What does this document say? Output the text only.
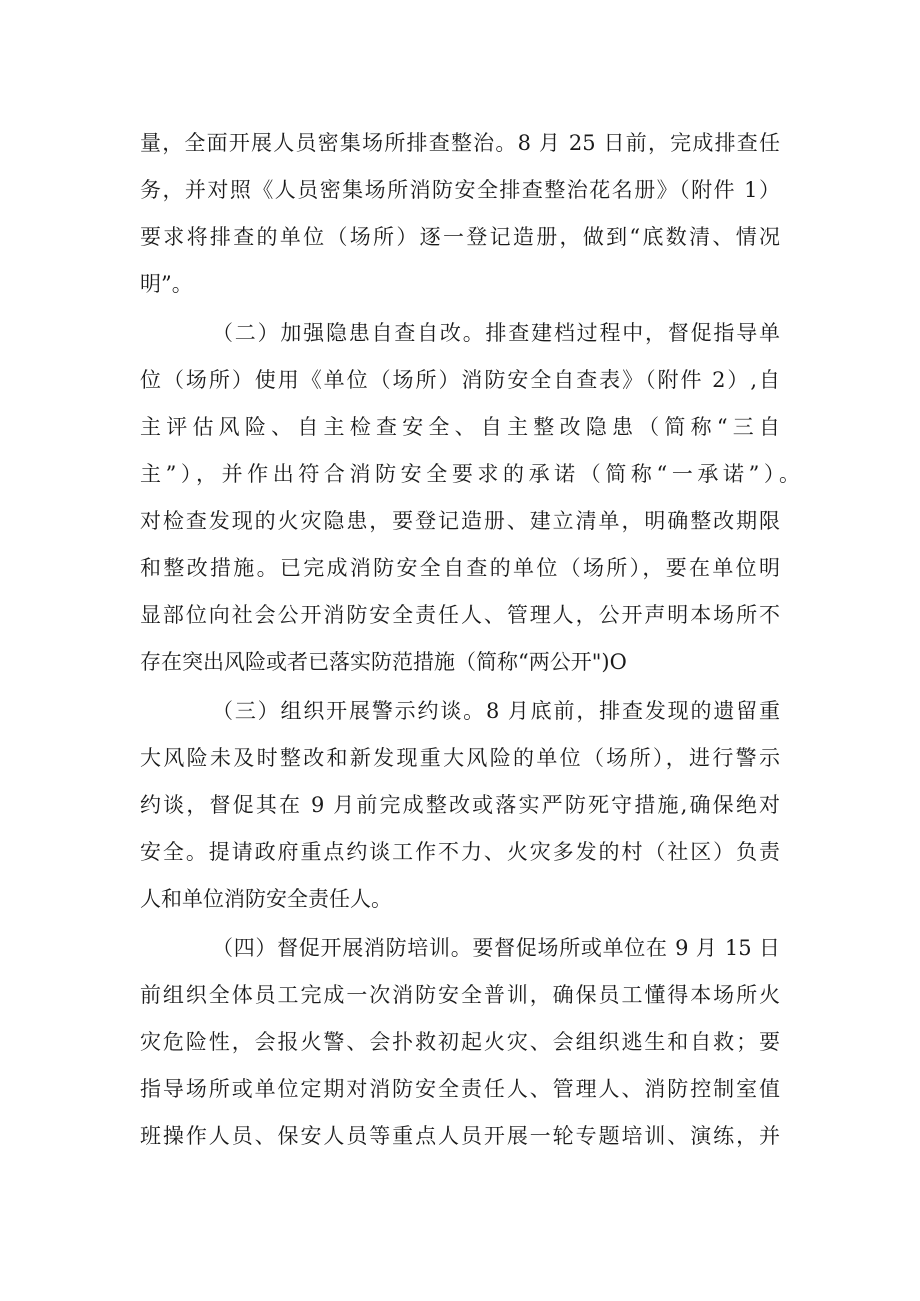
量，全面开展人员密集场所排查整治。8 月 25 日前，完成排查任
务，并对照《人员密集场所消防安全排查整治花名册》（附件 1）
要求将排查的单位（场所）逐一登记造册，做到“底数清、情况
明”。
（二）加强隐患自查自改。排查建档过程中，督促指导单
位（场所）使用《单位（场所）消防安全自查表》（附件 2）,自
主评估风险、自主检查安全、自主整改隐患（简称“三自
主”），并作出符合消防安全要求的承诺（简称“一承诺”）。
对检查发现的火灾隐患，要登记造册、建立清单，明确整改期限
和整改措施。已完成消防安全自查的单位（场所），要在单位明
显部位向社会公开消防安全责任人、管理人，公开声明本场所不
存在突出风险或者已落实防范措施（简称“两公开")O
（三）组织开展警示约谈。8 月底前，排查发现的遗留重
大风险未及时整改和新发现重大风险的单位（场所），进行警示
约谈，督促其在 9 月前完成整改或落实严防死守措施,确保绝对
安全。提请政府重点约谈工作不力、火灾多发的村（社区）负责
人和单位消防安全责任人。
（四）督促开展消防培训。要督促场所或单位在 9 月 15 日
前组织全体员工完成一次消防安全普训，确保员工懂得本场所火
灾危险性，会报火警、会扑救初起火灾、会组织逃生和自救；要
指导场所或单位定期对消防安全责任人、管理人、消防控制室值
班操作人员、保安人员等重点人员开展一轮专题培训、演练，并
